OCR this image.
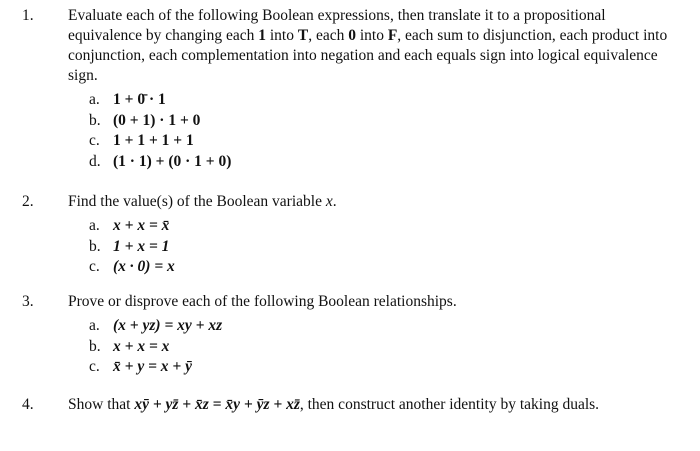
1.	Evaluate each of the following Boolean expressions, then translate it to a propositional equivalence by changing each 1 into T, each 0 into F, each sum to disjunction, each product into conjunction, each complementation into negation and each equals sign into logical equivalence sign.
a. 1 + 0̄ · 1
b. (0 + 1) · 1 + 0
c. 1 + 1 + 1 + 1
d. (1 · 1) + (0 · 1 + 0)
2.	Find the value(s) of the Boolean variable x.
a. x + x = x̄
b. 1 + x = 1
c. (x · 0) = x
3.	Prove or disprove each of the following Boolean relationships.
a. (x + yz) = xy + xz
b. x + x = x
c. x̄ + y = x + ȳ
4.	Show that xȳ + yz̄ + x̄z = x̄y + ȳz + xz̄, then construct another identity by taking duals.
